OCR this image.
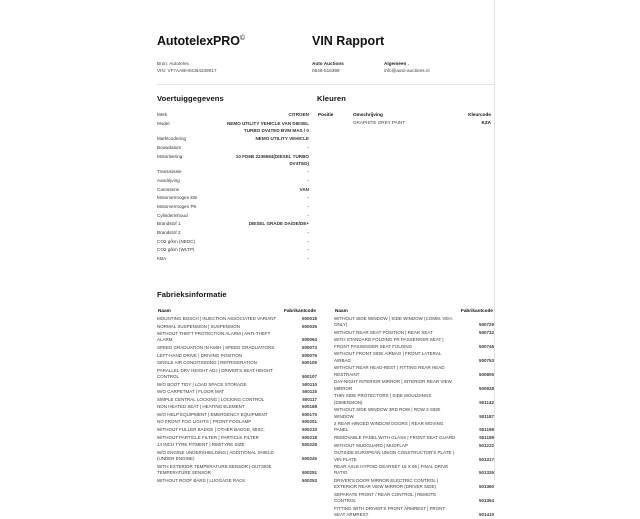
AutotelexPRO©	VIN Rapport
Bron: Autotelex
VIN: VF7AABHSCB4239017
Auto Auctions
0546-516398
Algemeen .
info@auto-auctions.nl
Voertuiggegevens
Merk	CITROEN
Model	NEMO UTILITY VEHICLE VAN DIESEL TURBO DV4TED BVM MAS / 0
Marktcodering	NEMO UTILITY VEHICLE
Bouwdatum	-
Motorisering	10 FD9B 2236584(DIESEL TURBO DV4TED)
Transmissie	-
Aandrijving	-
Carosserie	VAN
Motorvermogen kW	-
Motorvermogen PK	-
Cylinderinhoud	-
Brandstof 1	DIESEL GRADE DA/DE/DE+
Brandstof 2	-
CO2 g/km (NEDC)	-
CO2 g/km (WLTP)	-
KBA	-
Kleuren
Positie	Omschrijving	Kleurcode
	GRAPHITE GREY PAINT	KZA
Fabrieksinformatie
Naam	Fabrikantcode
MOUNTING BOSCH | INJECTION ASSOCIATED VARIANT	500018
NORMAL SUSPENSION | SUSPENSION	500035
WITHOUT THEFT PROTECTION ALARM | ANTI-THEFT ALARM	500064
SPEED GRADUATION IN KM/H | SPEED GRADUATIONS	500073
LEFT-HAND DRIVE | DRIVING POSITION	500076
SINGLE AIR CONDITIONING | REFRIGERATION	500105
PARALLEL DRV HEIGHT ADJ | DRIVER'S SEAT HEIGHT CONTROL	500107
W/O BOOT TIDY | LOAD SPACE STORAGE	500110
W/O CARPETMAT | FLOOR MAT	500115
SIMPLE CENTRAL LOCKING | LOCKING CONTROL	500117
NON HEATED SEAT | HEATING ELEMENT	500168
W/O HELP EQUIPMENT | EMERGENCY EQUIPMENT	500170
NO FRONT FOG LIGHTS | FRONT FOGLAMP	500201
WITHOUT FULLER BADGE | OTHER BADGE, MISC.	500210
WITHOUT PARTICLE FILTER | PARTICLE FILTER	500218
14 INCH TYRE FITMENT | RIM/TYRE SIZE	500228
W/O ENGINE UNDERSHIELDING | ADDITIONAL SHIELD (UNDER ENGINE)	500245
WITH EXTERIOR TEMPERATURE SENSOR | OUTSIDE TEMPERATURE SENSOR	500251
WITHOUT ROOF BARS | LUGGAGE RACK	500253
Naam	Fabrikantcode
WITHOUT SIDE WINDOW | SIDE WINDOW (COMM. VEH. ONLY)	500729
WITHOUT REAR SEAT POSITION | REAR SEAT	500732
WITH STANDARD FOLDING FR PASSENGER SEAT | FRONT PASSENGER SEAT FOLDING	500746
WITHOUT FRONT SIDE AIRBAG | FRONT LATERAL AIRBAG	500753
WITHOUT REAR HEAD-REST | FITTING REAR HEAD RESTRAINT	500805
DAY-NIGHT INTERIOR MIRROR | INTERIOR REAR VIEW MIRROR	500928
THIN SIDE PROTECTORS | SIDE MOULDINGS (DIMENSION)	501142
WITHOUT SIDE WINDOW 3RD ROW | ROW 3 SIDE WINDOW	501187
2 REAR HINGED WINDOW DOORS | REAR MOVING PANEL	501198
REMOVABLE PANEL WITH GLASS | FRONT SEAT GUARD	501199
WITHOUT MUDGUARD | MUDFLAP	501222
OUTSIDE EUROPEAN UNION CONSTRUCTOR'S PLATE | VIN PLATE	501317
REAR AXLE HYPOID GEARSET 16 X 65 | FINAL DRIVE RATIO	501326
DRIVER'S DOOR MIRROR ELECTRIC CONTROL | EXTERIOR REAR VIEW MIRROR (DRIVER SIDE)	501360
SEPARATE FRONT / REAR CONTROL | REMOTE CONTROL	501364
FITTING WITH DRIVER'S FRONT ARMREST | FRONT SEAT ARMREST	501410
